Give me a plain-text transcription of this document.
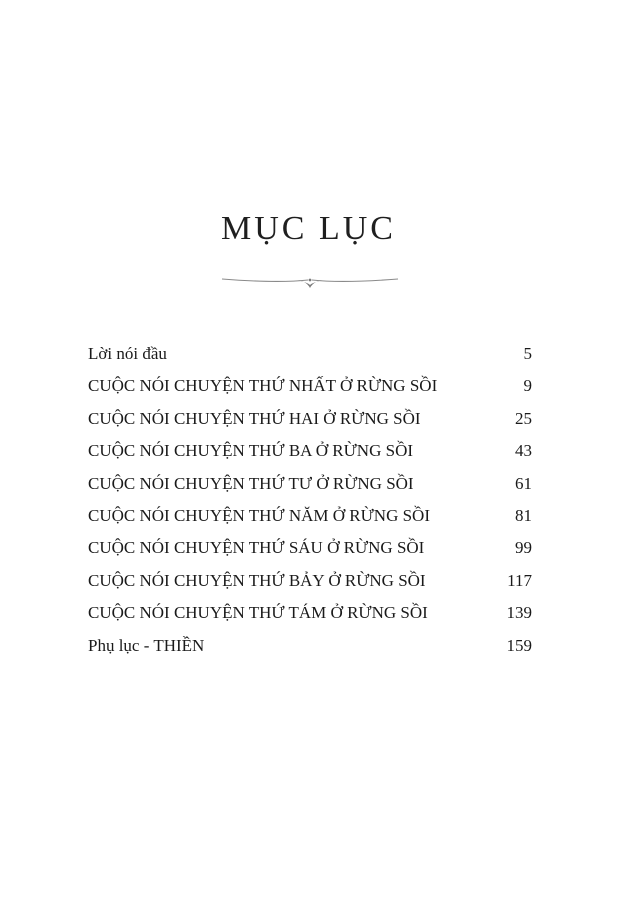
MỤC LỤC
Lời nói đầu	5
CUỘC NÓI CHUYỆN THỨ NHẤT Ở RỪNG SỒI	9
CUỘC NÓI CHUYỆN THỨ HAI Ở RỪNG SỒI	25
CUỘC NÓI CHUYỆN THỨ BA Ở RỪNG SỒI	43
CUỘC NÓI CHUYỆN THỨ TƯ Ở RỪNG SỒI	61
CUỘC NÓI CHUYỆN THỨ NĂM Ở RỪNG SỒI	81
CUỘC NÓI CHUYỆN THỨ SÁU Ở RỪNG SỒI	99
CUỘC NÓI CHUYỆN THỨ BẢY Ở RỪNG SỒI	117
CUỘC NÓI CHUYỆN THỨ TÁM Ở RỪNG SỒI	139
Phụ lục - THIỀN	159
